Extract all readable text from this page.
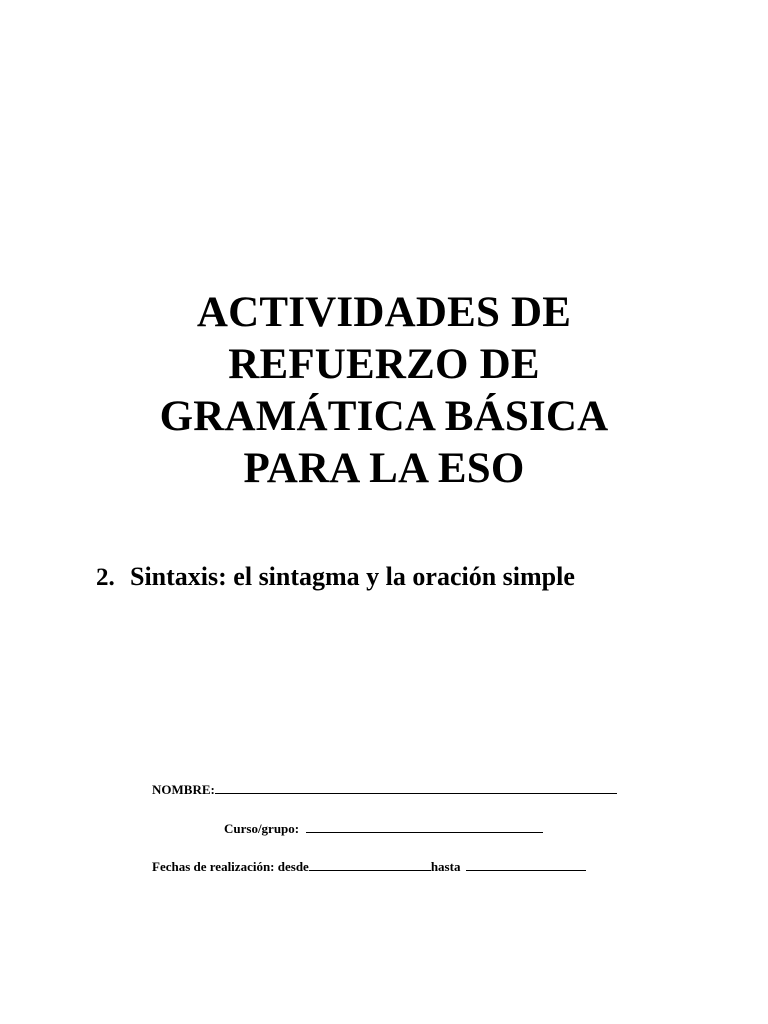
ACTIVIDADES DE
REFUERZO DE
GRAMÁTICA BÁSICA
PARA LA ESO
2. Sintaxis: el sintagma y la oración simple
NOMBRE:
Curso/grupo:
Fechas de realización: desde	hasta
